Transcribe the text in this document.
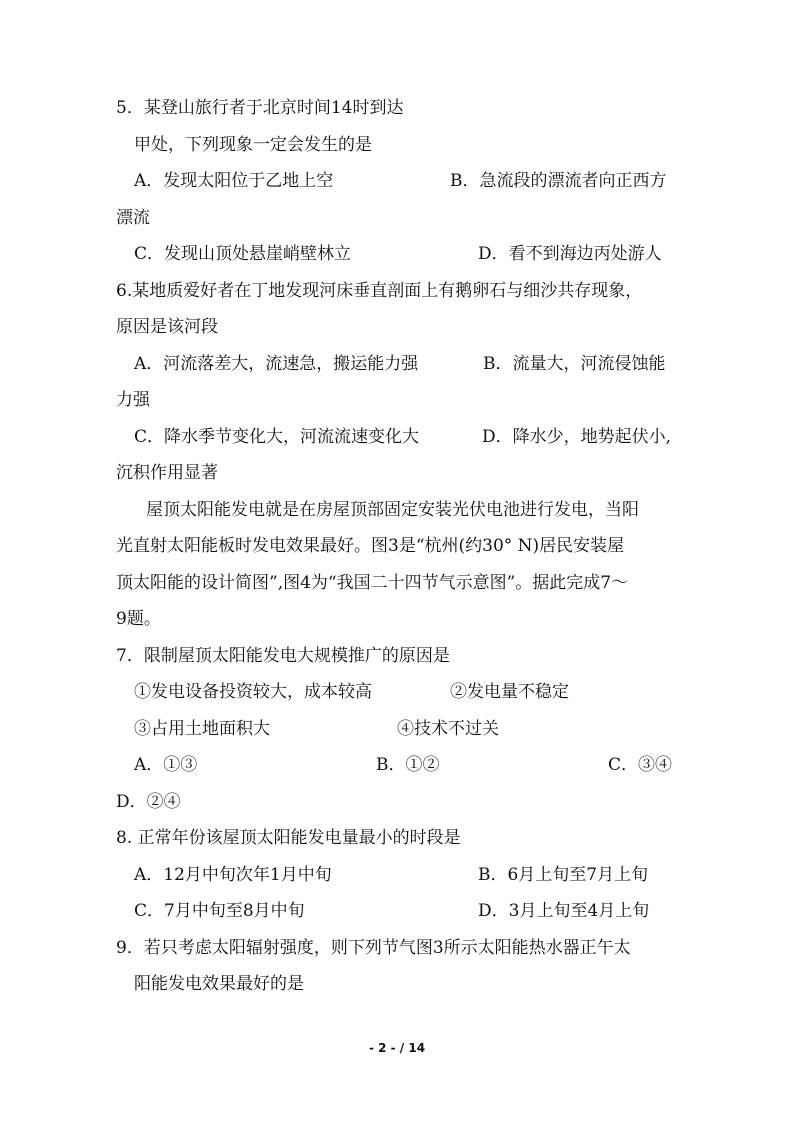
5．某登山旅行者于北京时间14时到达
甲处，下列现象一定会发生的是
A．发现太阳位于乙地上空	B．急流段的漂流者向正西方
漂流
C．发现山顶处悬崖峭壁林立	D．看不到海边丙处游人
6.某地质爱好者在丁地发现河床垂直剖面上有鹅卵石与细沙共存现象，
原因是该河段
A．河流落差大，流速急，搬运能力强	B．流量大，河流侵蚀能
力强
C．降水季节变化大，河流流速变化大	D．降水少，地势起伏小,
沉积作用显著
屋顶太阳能发电就是在房屋顶部固定安装光伏电池进行发电，当阳
光直射太阳能板时发电效果最好。图3是“杭州(约30° N)居民安装屋
顶太阳能的设计简图”,图4为“我国二十四节气示意图”。据此完成7～
9题。
7．限制屋顶太阳能发电大规模推广的原因是
①发电设备投资较大，成本较高	②发电量不稳定
③占用土地面积大	④技术不过关
A．①③	B．①②	C．③④
D．②④
8. 正常年份该屋顶太阳能发电量最小的时段是
A．12月中旬次年1月中旬	B．6月上旬至7月上旬
C．7月中旬至8月中旬	D．3月上旬至4月上旬
9．若只考虑太阳辐射强度，则下列节气图3所示太阳能热水器正午太
阳能发电效果最好的是
- 2 - / 14
